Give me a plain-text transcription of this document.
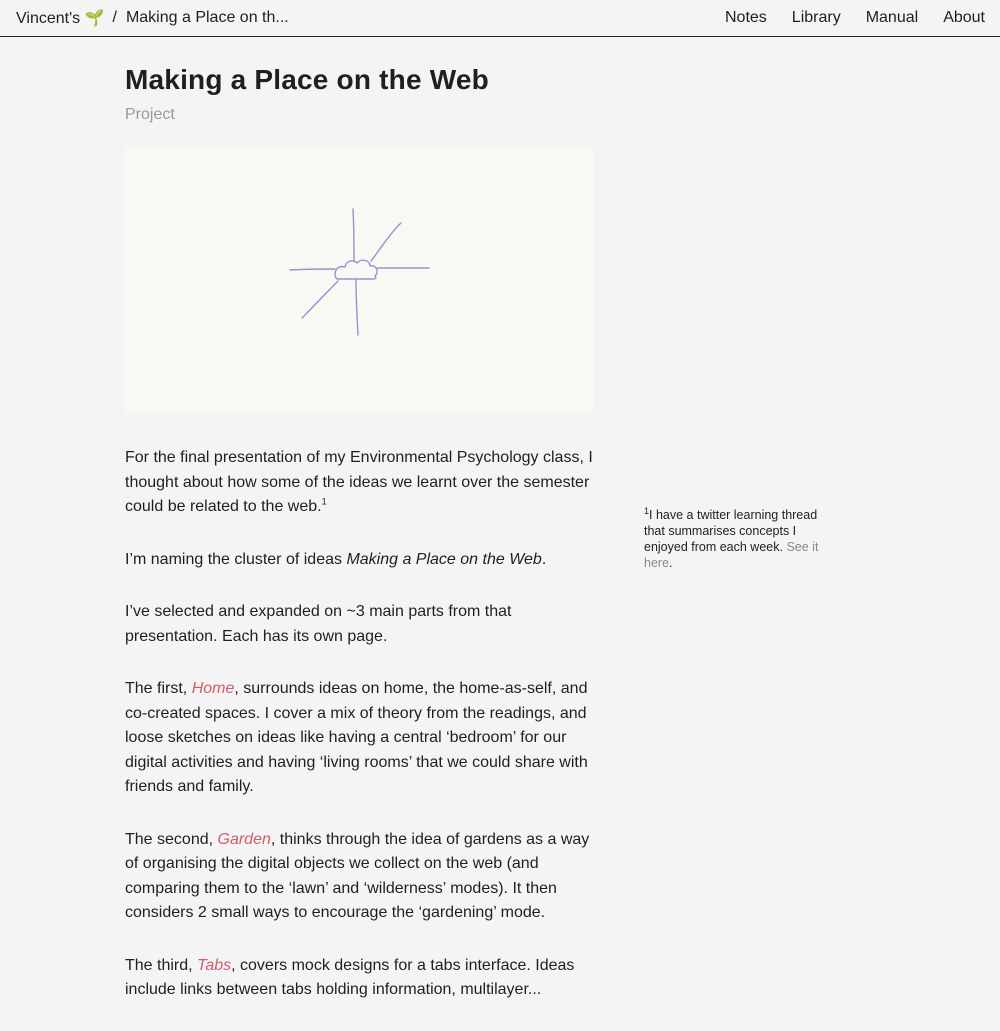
Vincent's 🌱 / Making a Place on th...	Notes Library Manual About
Making a Place on the Web
Project

For the final presentation of my Environmental Psychology class, I thought about how some of the ideas we learnt over the semester could be related to the web.$^1$

I’m naming the cluster of ideas Making a Place on the Web.

I’ve selected and expanded on ~3 main parts from that presentation. Each has its own page.

The first, Home, surrounds ideas on home, the home-as-self, and co-created spaces. I cover a mix of theory from the readings, and loose sketches on ideas like having a central ‘bedroom’ for our digital activities and having ‘living rooms’ that we could share with friends and family.

The second, Garden, thinks through the idea of gardens as a way of organising the digital objects we collect on the web (and comparing them to the ‘lawn’ and ‘wilderness’ modes). It then considers 2 small ways to encourage the ‘gardening’ mode.

The third, Tabs, covers mock designs for a tabs interface. Ideas include links between tabs holding information, multilayer...

$^1$I have a twitter learning thread that summarises concepts I enjoyed from each week. See it here.
